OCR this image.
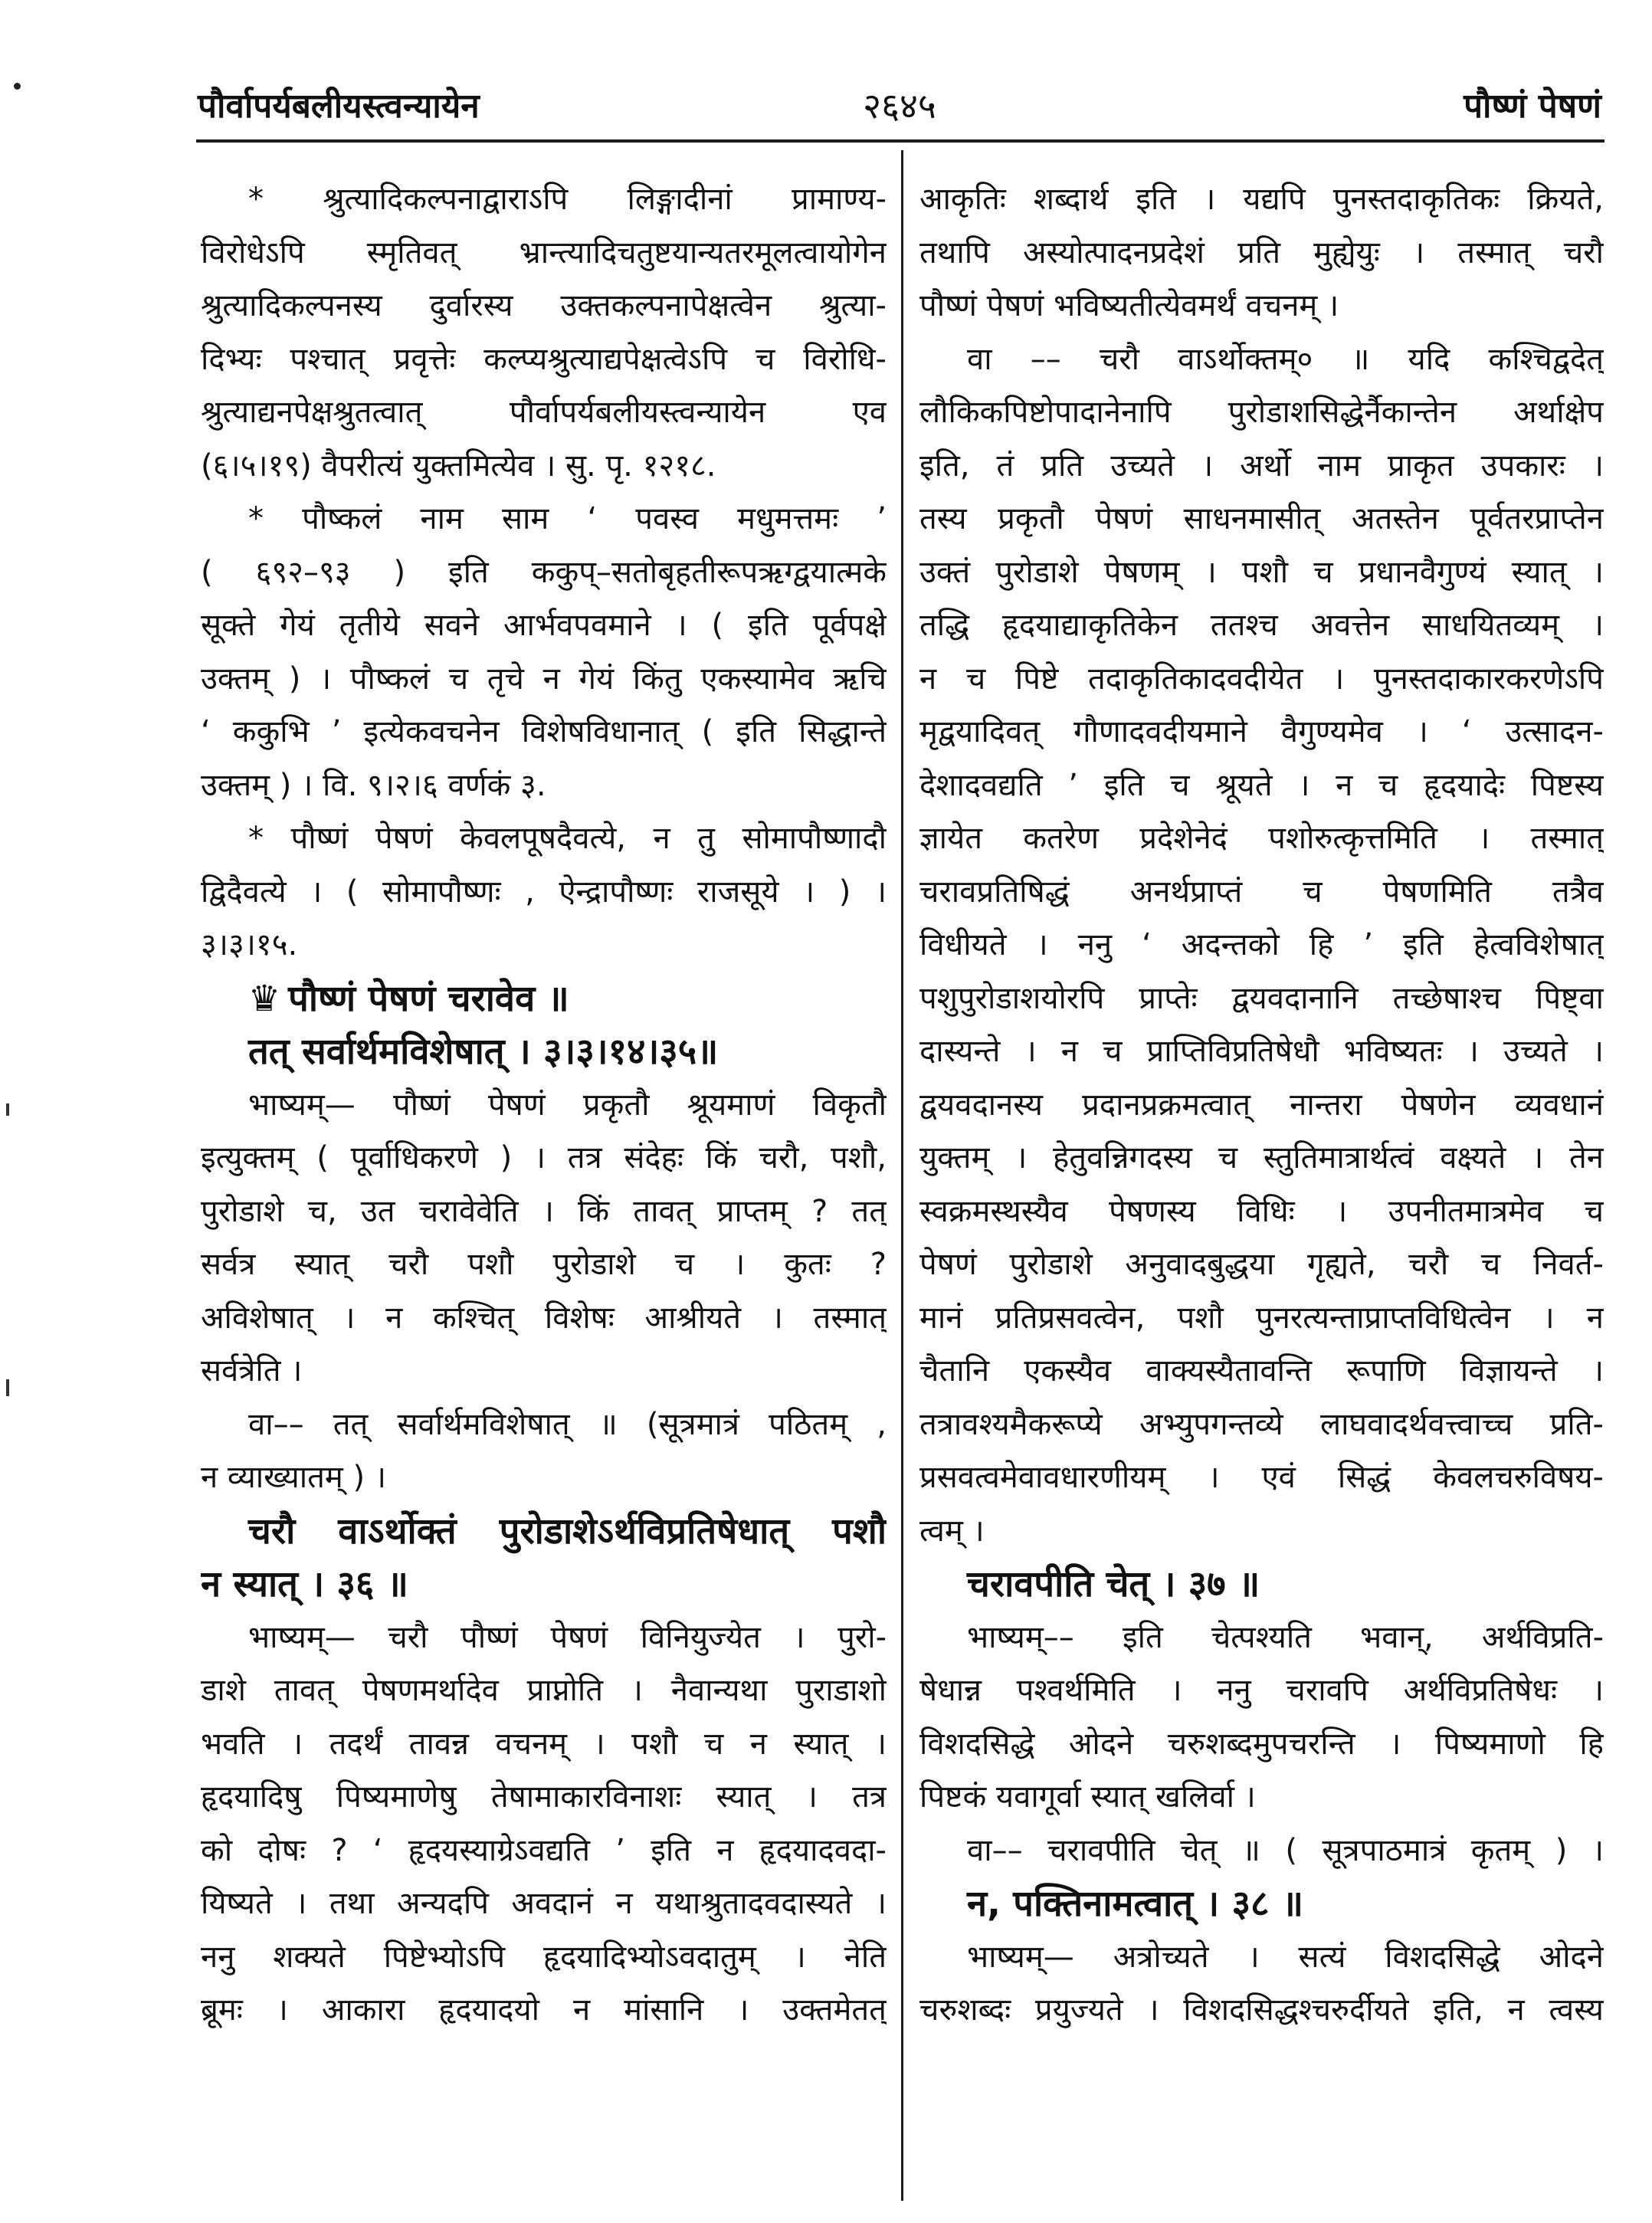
पौर्वापर्यबलीयस्त्वन्यायेन	२६४५	पौष्णं पेषणं
* श्रुत्यादिकल्पनाद्वाराऽपि लिङ्गादीनां प्रामाण्य-
विरोधेऽपि स्मृतिवत् भ्रान्त्यादिचतुष्टयान्यतरमूलत्वायोगेन
श्रुत्यादिकल्पनस्य दुर्वारस्य उक्तकल्पनापेक्षत्वेन श्रुत्या-
दिभ्यः पश्चात् प्रवृत्तेः कल्प्यश्रुत्याद्यपेक्षत्वेऽपि च विरोधि-
श्रुत्याद्यनपेक्षश्रुतत्वात् पौर्वापर्यबलीयस्त्वन्यायेन एव
(६।५।१९) वैपरीत्यं युक्तमित्येव । सु. पृ. १२१८.
* पौष्कलं नाम साम ‘ पवस्व मधुमत्तमः ’
( ६९२–९३ ) इति ककुप्–सतोबृहतीरूपऋग्द्वयात्मके
सूक्ते गेयं तृतीये सवने आर्भवपवमाने । ( इति पूर्वपक्षे
उक्तम् ) । पौष्कलं च तृचे न गेयं किंतु एकस्यामेव ऋचि
‘ ककुभि ’ इत्येकवचनेन विशेषविधानात् ( इति सिद्धान्ते
उक्तम् ) । वि. ९।२।६ वर्णकं ३.
* पौष्णं पेषणं केवलपूषदैवत्ये, न तु सोमापौष्णादौ
द्विदैवत्ये । ( सोमापौष्णः , ऐन्द्रापौष्णः राजसूये । ) ।
३।३।१५.
♛ पौष्णं पेषणं चरावेव ॥
तत् सर्वार्थमविशेषात् । ३।३।१४।३५॥
भाष्यम्— पौष्णं पेषणं प्रकृतौ श्रूयमाणं विकृतौ
इत्युक्तम् ( पूर्वाधिकरणे ) । तत्र संदेहः किं चरौ, पशौ,
पुरोडाशे च, उत चरावेवेति । किं तावत् प्राप्तम् ? तत्
सर्वत्र स्यात् चरौ पशौ पुरोडाशे च । कुतः ?
अविशेषात् । न कश्चित् विशेषः आश्रीयते । तस्मात्
सर्वत्रेति ।
वा–– तत् सर्वार्थमविशेषात् ॥ (सूत्रमात्रं पठितम् ,
न व्याख्यातम् ) ।
चरौ वाऽर्थोक्तं पुरोडाशेऽर्थविप्रतिषेधात् पशौ
न स्यात् । ३६ ॥
भाष्यम्— चरौ पौष्णं पेषणं विनियुज्येत । पुरो-
डाशे तावत् पेषणमर्थादेव प्राप्नोति । नैवान्यथा पुराडाशो
भवति । तदर्थं तावन्न वचनम् । पशौ च न स्यात् ।
हृदयादिषु पिष्यमाणेषु तेषामाकारविनाशः स्यात् । तत्र
को दोषः ? ‘ हृदयस्याग्रेऽवद्यति ’ इति न हृदयादवदा-
यिष्यते । तथा अन्यदपि अवदानं न यथाश्रुतादवदास्यते ।
ननु शक्यते पिष्टेभ्योऽपि हृदयादिभ्योऽवदातुम् । नेति
ब्रूमः । आकारा हृदयादयो न मांसानि । उक्तमेतत्
आकृतिः शब्दार्थ इति । यद्यपि पुनस्तदाकृतिकः क्रियते,
तथापि अस्योत्पादनप्रदेशं प्रति मुह्येयुः । तस्मात् चरौ
पौष्णं पेषणं भविष्यतीत्येवमर्थं वचनम् ।
वा –– चरौ वाऽर्थोक्तम्० ॥ यदि कश्चिद्वदेत्
लौकिकपिष्टोपादानेनापि पुरोडाशसिद्धेर्नैकान्तेन अर्थाक्षेप
इति, तं प्रति उच्यते । अर्थो नाम प्राकृत उपकारः ।
तस्य प्रकृतौ पेषणं साधनमासीत् अतस्तेन पूर्वतरप्राप्तेन
उक्तं पुरोडाशे पेषणम् । पशौ च प्रधानवैगुण्यं स्यात् ।
तद्धि हृदयाद्याकृतिकेन ततश्च अवत्तेन साधयितव्यम् ।
न च पिष्टे तदाकृतिकादवदीयेत । पुनस्तदाकारकरणेऽपि
मृद्वयादिवत् गौणादवदीयमाने वैगुण्यमेव । ‘ उत्सादन-
देशादवद्यति ’ इति च श्रूयते । न च हृदयादेः पिष्टस्य
ज्ञायेत कतरेण प्रदेशेनेदं पशोरुत्कृत्तमिति । तस्मात्
चरावप्रतिषिद्धं अनर्थप्राप्तं च पेषणमिति तत्रैव
विधीयते । ननु ‘ अदन्तको हि ’ इति हेत्वविशेषात्
पशुपुरोडाशयोरपि प्राप्तेः द्वयवदानानि तच्छेषाश्च पिष्ट्वा
दास्यन्ते । न च प्राप्तिविप्रतिषेधौ भविष्यतः । उच्यते ।
द्वयवदानस्य प्रदानप्रक्रमत्वात् नान्तरा पेषणेन व्यवधानं
युक्तम् । हेतुवन्निगदस्य च स्तुतिमात्रार्थत्वं वक्ष्यते । तेन
स्वक्रमस्थस्यैव पेषणस्य विधिः । उपनीतमात्रमेव च
पेषणं पुरोडाशे अनुवादबुद्धया गृह्यते, चरौ च निवर्त-
मानं प्रतिप्रसवत्वेन, पशौ पुनरत्यन्ताप्राप्तविधित्वेन । न
चैतानि एकस्यैव वाक्यस्यैतावन्ति रूपाणि विज्ञायन्ते ।
तत्रावश्यमैकरूप्ये अभ्युपगन्तव्ये लाघवादर्थवत्त्वाच्च प्रति-
प्रसवत्वमेवावधारणीयम् । एवं सिद्धं केवलचरुविषय-
त्वम् ।
चरावपीति चेत् । ३७ ॥
भाष्यम्–– इति चेत्पश्यति भवान्, अर्थविप्रति-
षेधान्न पश्वर्थमिति । ननु चरावपि अर्थविप्रतिषेधः ।
विशदसिद्धे ओदने चरुशब्दमुपचरन्ति । पिष्यमाणो हि
पिष्टकं यवागूर्वा स्यात् खलिर्वा ।
वा–– चरावपीति चेत् ॥ ( सूत्रपाठमात्रं कृतम् ) ।
न, पक्तिनामत्वात् । ३८ ॥
भाष्यम्— अत्रोच्यते । सत्यं विशदसिद्धे ओदने
चरुशब्दः प्रयुज्यते । विशदसिद्धश्चरुर्दीयते इति, न त्वस्य
